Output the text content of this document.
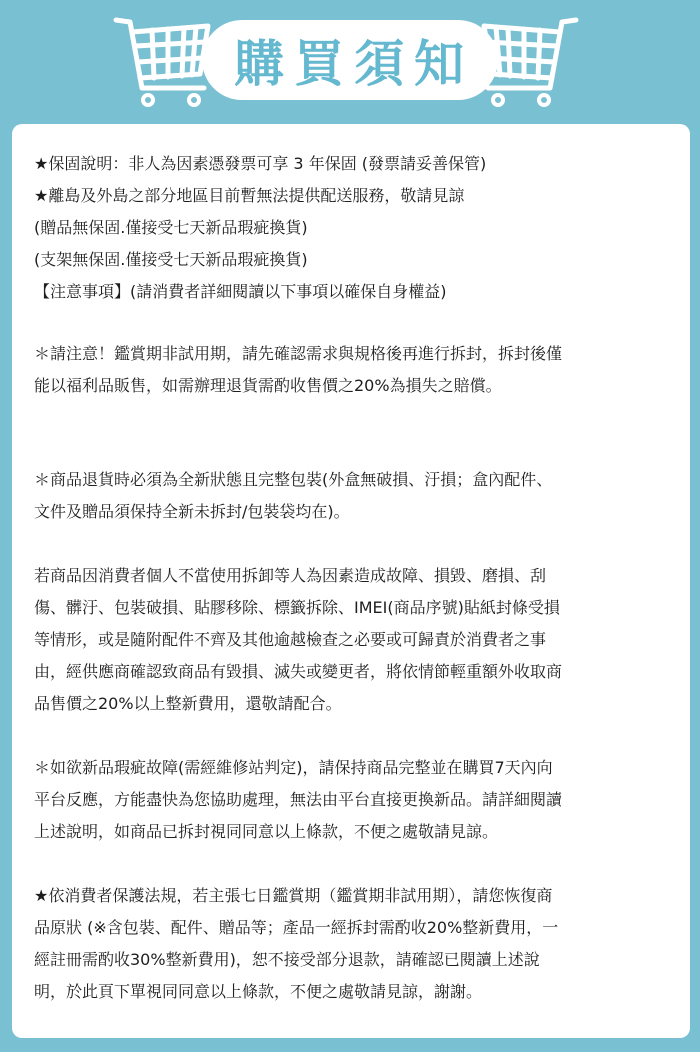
購買須知

★保固說明：非人為因素憑發票可享 3 年保固 (發票請妥善保管)

★離島及外島之部分地區目前暫無法提供配送服務，敬請見諒

(贈品無保固.僅接受七天新品瑕疵換貨)

(支架無保固.僅接受七天新品瑕疵換貨)

【注意事項】(請消費者詳細閱讀以下事項以確保自身權益)

＊請注意！鑑賞期非試用期，請先確認需求與規格後再進行拆封，拆封後僅

能以福利品販售，如需辦理退貨需酌收售價之20%為損失之賠償。

＊商品退貨時必須為全新狀態且完整包裝(外盒無破損、汙損；盒內配件、

文件及贈品須保持全新未拆封/包裝袋均在)。

若商品因消費者個人不當使用拆卸等人為因素造成故障、損毀、磨損、刮

傷、髒汙、包裝破損、貼膠移除、標籤拆除、IMEI(商品序號)貼紙封條受損

等情形，或是隨附配件不齊及其他逾越檢查之必要或可歸責於消費者之事

由，經供應商確認致商品有毀損、滅失或變更者，將依情節輕重額外收取商

品售價之20%以上整新費用，還敬請配合。

＊如欲新品瑕疵故障(需經維修站判定)，請保持商品完整並在購買7天內向

平台反應，方能盡快為您協助處理，無法由平台直接更換新品。請詳細閱讀

上述說明，如商品已拆封視同同意以上條款，不便之處敬請見諒。

★依消費者保護法規，若主張七日鑑賞期（鑑賞期非試用期），請您恢復商

品原狀 (※含包裝、配件、贈品等；產品一經拆封需酌收20%整新費用，一

經註冊需酌收30%整新費用)，恕不接受部分退款，請確認已閱讀上述說

明，於此頁下單視同同意以上條款，不便之處敬請見諒，謝謝。
